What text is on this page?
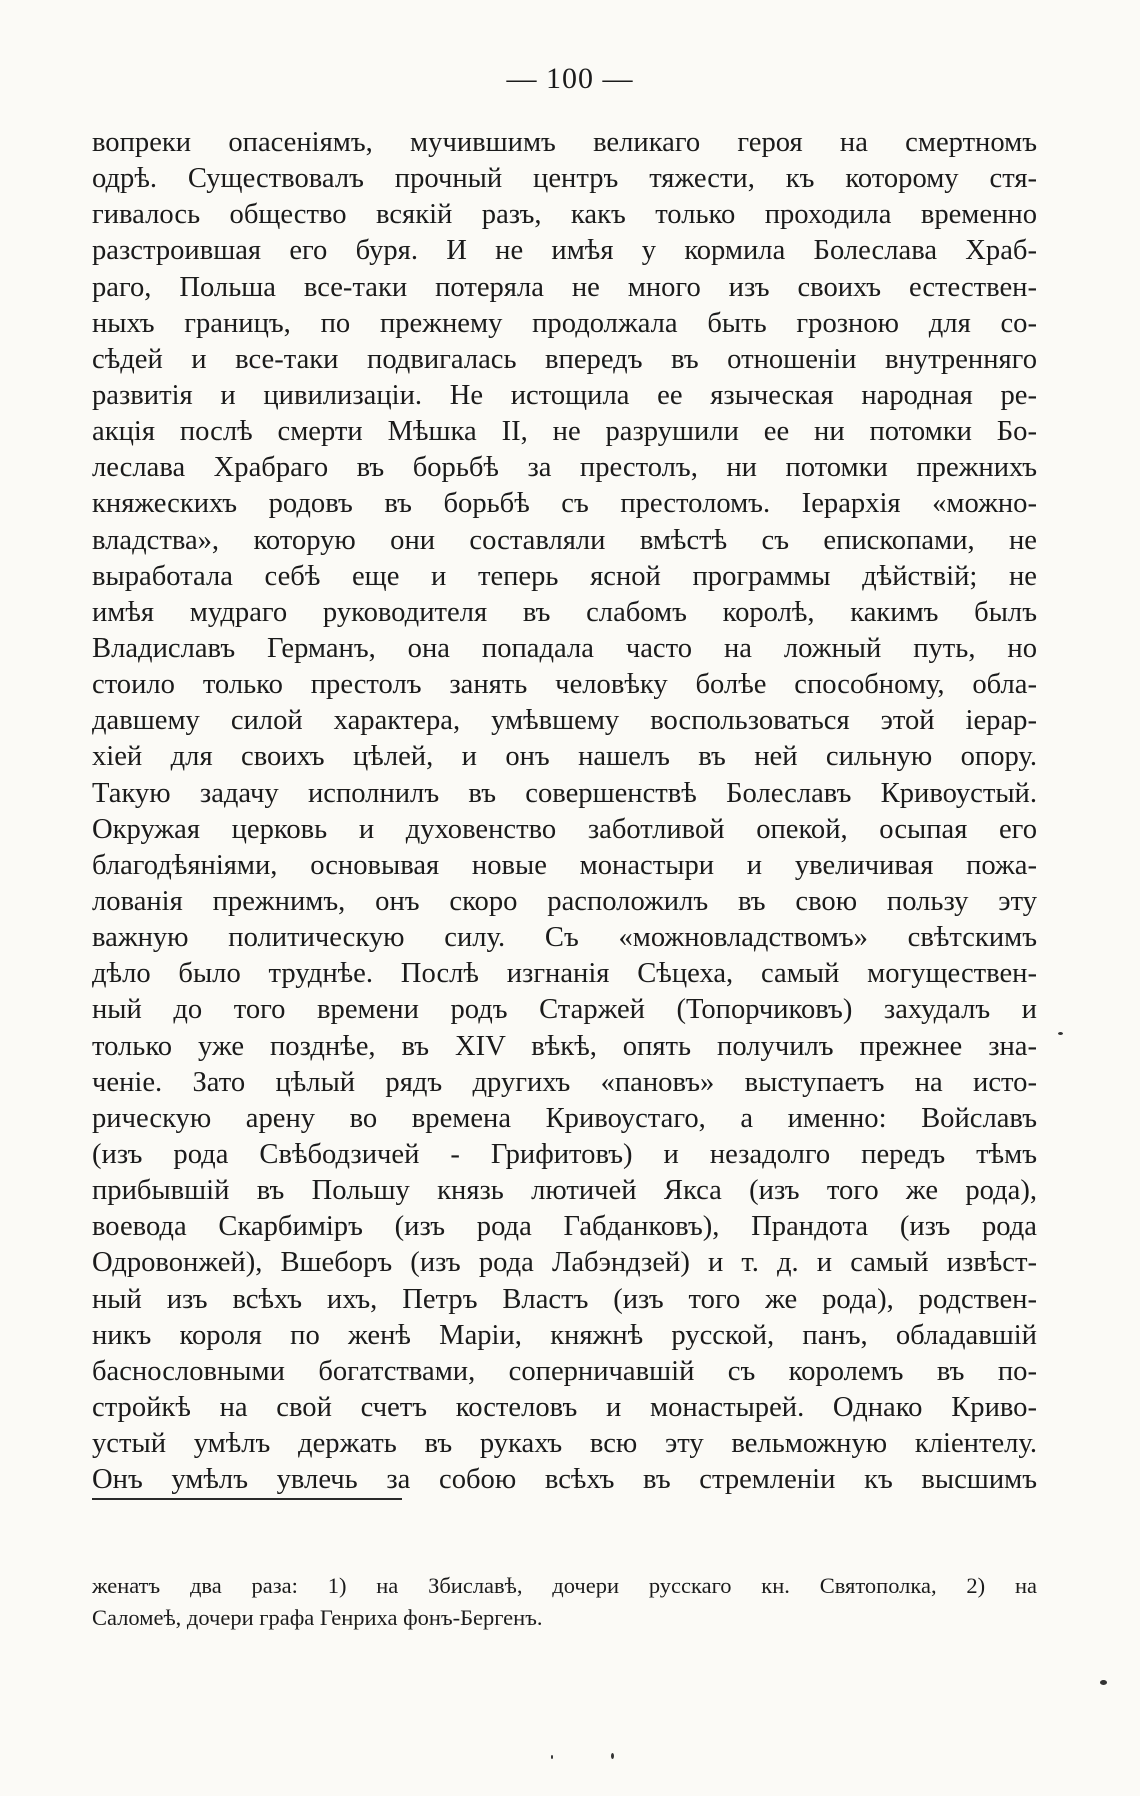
— 100 —
вопреки опасеніямъ, мучившимъ великаго героя на смертномъ
одрѣ. Существовалъ прочный центръ тяжести, къ которому стя-
гивалось общество всякій разъ, какъ только проходила временно
разстроившая его буря. И не имѣя у кормила Болеслава Храб-
раго, Польша все-таки потеряла не много изъ своихъ естествен-
ныхъ границъ, по прежнему продолжала быть грозною для со-
сѣдей и все-таки подвигалась впередъ въ отношеніи внутренняго
развитія и цивилизаціи. Не истощила ее языческая народная ре-
акція послѣ смерти Мѣшка II, не разрушили ее ни потомки Бо-
леслава Храбраго въ борьбѣ за престолъ, ни потомки прежнихъ
княжескихъ родовъ въ борьбѣ съ престоломъ. Іерархія «можно-
владства», которую они составляли вмѣстѣ съ епископами, не
выработала себѣ еще и теперь ясной программы дѣйствій; не
имѣя мудраго руководителя въ слабомъ королѣ, какимъ былъ
Владиславъ Германъ, она попадала часто на ложный путь, но
стоило только престолъ занять человѣку болѣе способному, обла-
давшему силой характера, умѣвшему воспользоваться этой іерар-
хіей для своихъ цѣлей, и онъ нашелъ въ ней сильную опору.
Такую задачу исполнилъ въ совершенствѣ Болеславъ Кривоустый.
Окружая церковь и духовенство заботливой опекой, осыпая его
благодѣяніями, основывая новые монастыри и увеличивая пожа-
лованія прежнимъ, онъ скоро расположилъ въ свою пользу эту
важную политическую силу. Съ «можновладствомъ» свѣтскимъ
дѣло было труднѣе. Послѣ изгнанія Сѣцеха, самый могуществен-
ный до того времени родъ Старжей (Топорчиковъ) захудалъ и
только уже позднѣе, въ XIV вѣкѣ, опять получилъ прежнее зна-
ченіе. Зато цѣлый рядъ другихъ «пановъ» выступаетъ на исто-
рическую арену во времена Кривоустаго, а именно: Войславъ
(изъ рода Свѣбодзичей - Грифитовъ) и незадолго передъ тѣмъ
прибывшій въ Польшу князь лютичей Якса (изъ того же рода),
воевода Скарбиміръ (изъ рода Габданковъ), Прандота (изъ рода
Одровонжей), Вшеборъ (изъ рода Лабэндзей) и т. д. и самый извѣст-
ный изъ всѣхъ ихъ, Петръ Властъ (изъ того же рода), родствен-
никъ короля по женѣ Маріи, княжнѣ русской, панъ, обладавшій
баснословными богатствами, соперничавшій съ королемъ въ по-
стройкѣ на свой счетъ костеловъ и монастырей. Однако Криво-
устый умѣлъ держать въ рукахъ всю эту вельможную кліентелу.
Онъ умѣлъ увлечь за собою всѣхъ въ стремленіи къ высшимъ
женатъ два раза: 1) на Збиславѣ, дочери русскаго кн. Святополка, 2) на
Саломеѣ, дочери графа Генриха фонъ-Бергенъ.
